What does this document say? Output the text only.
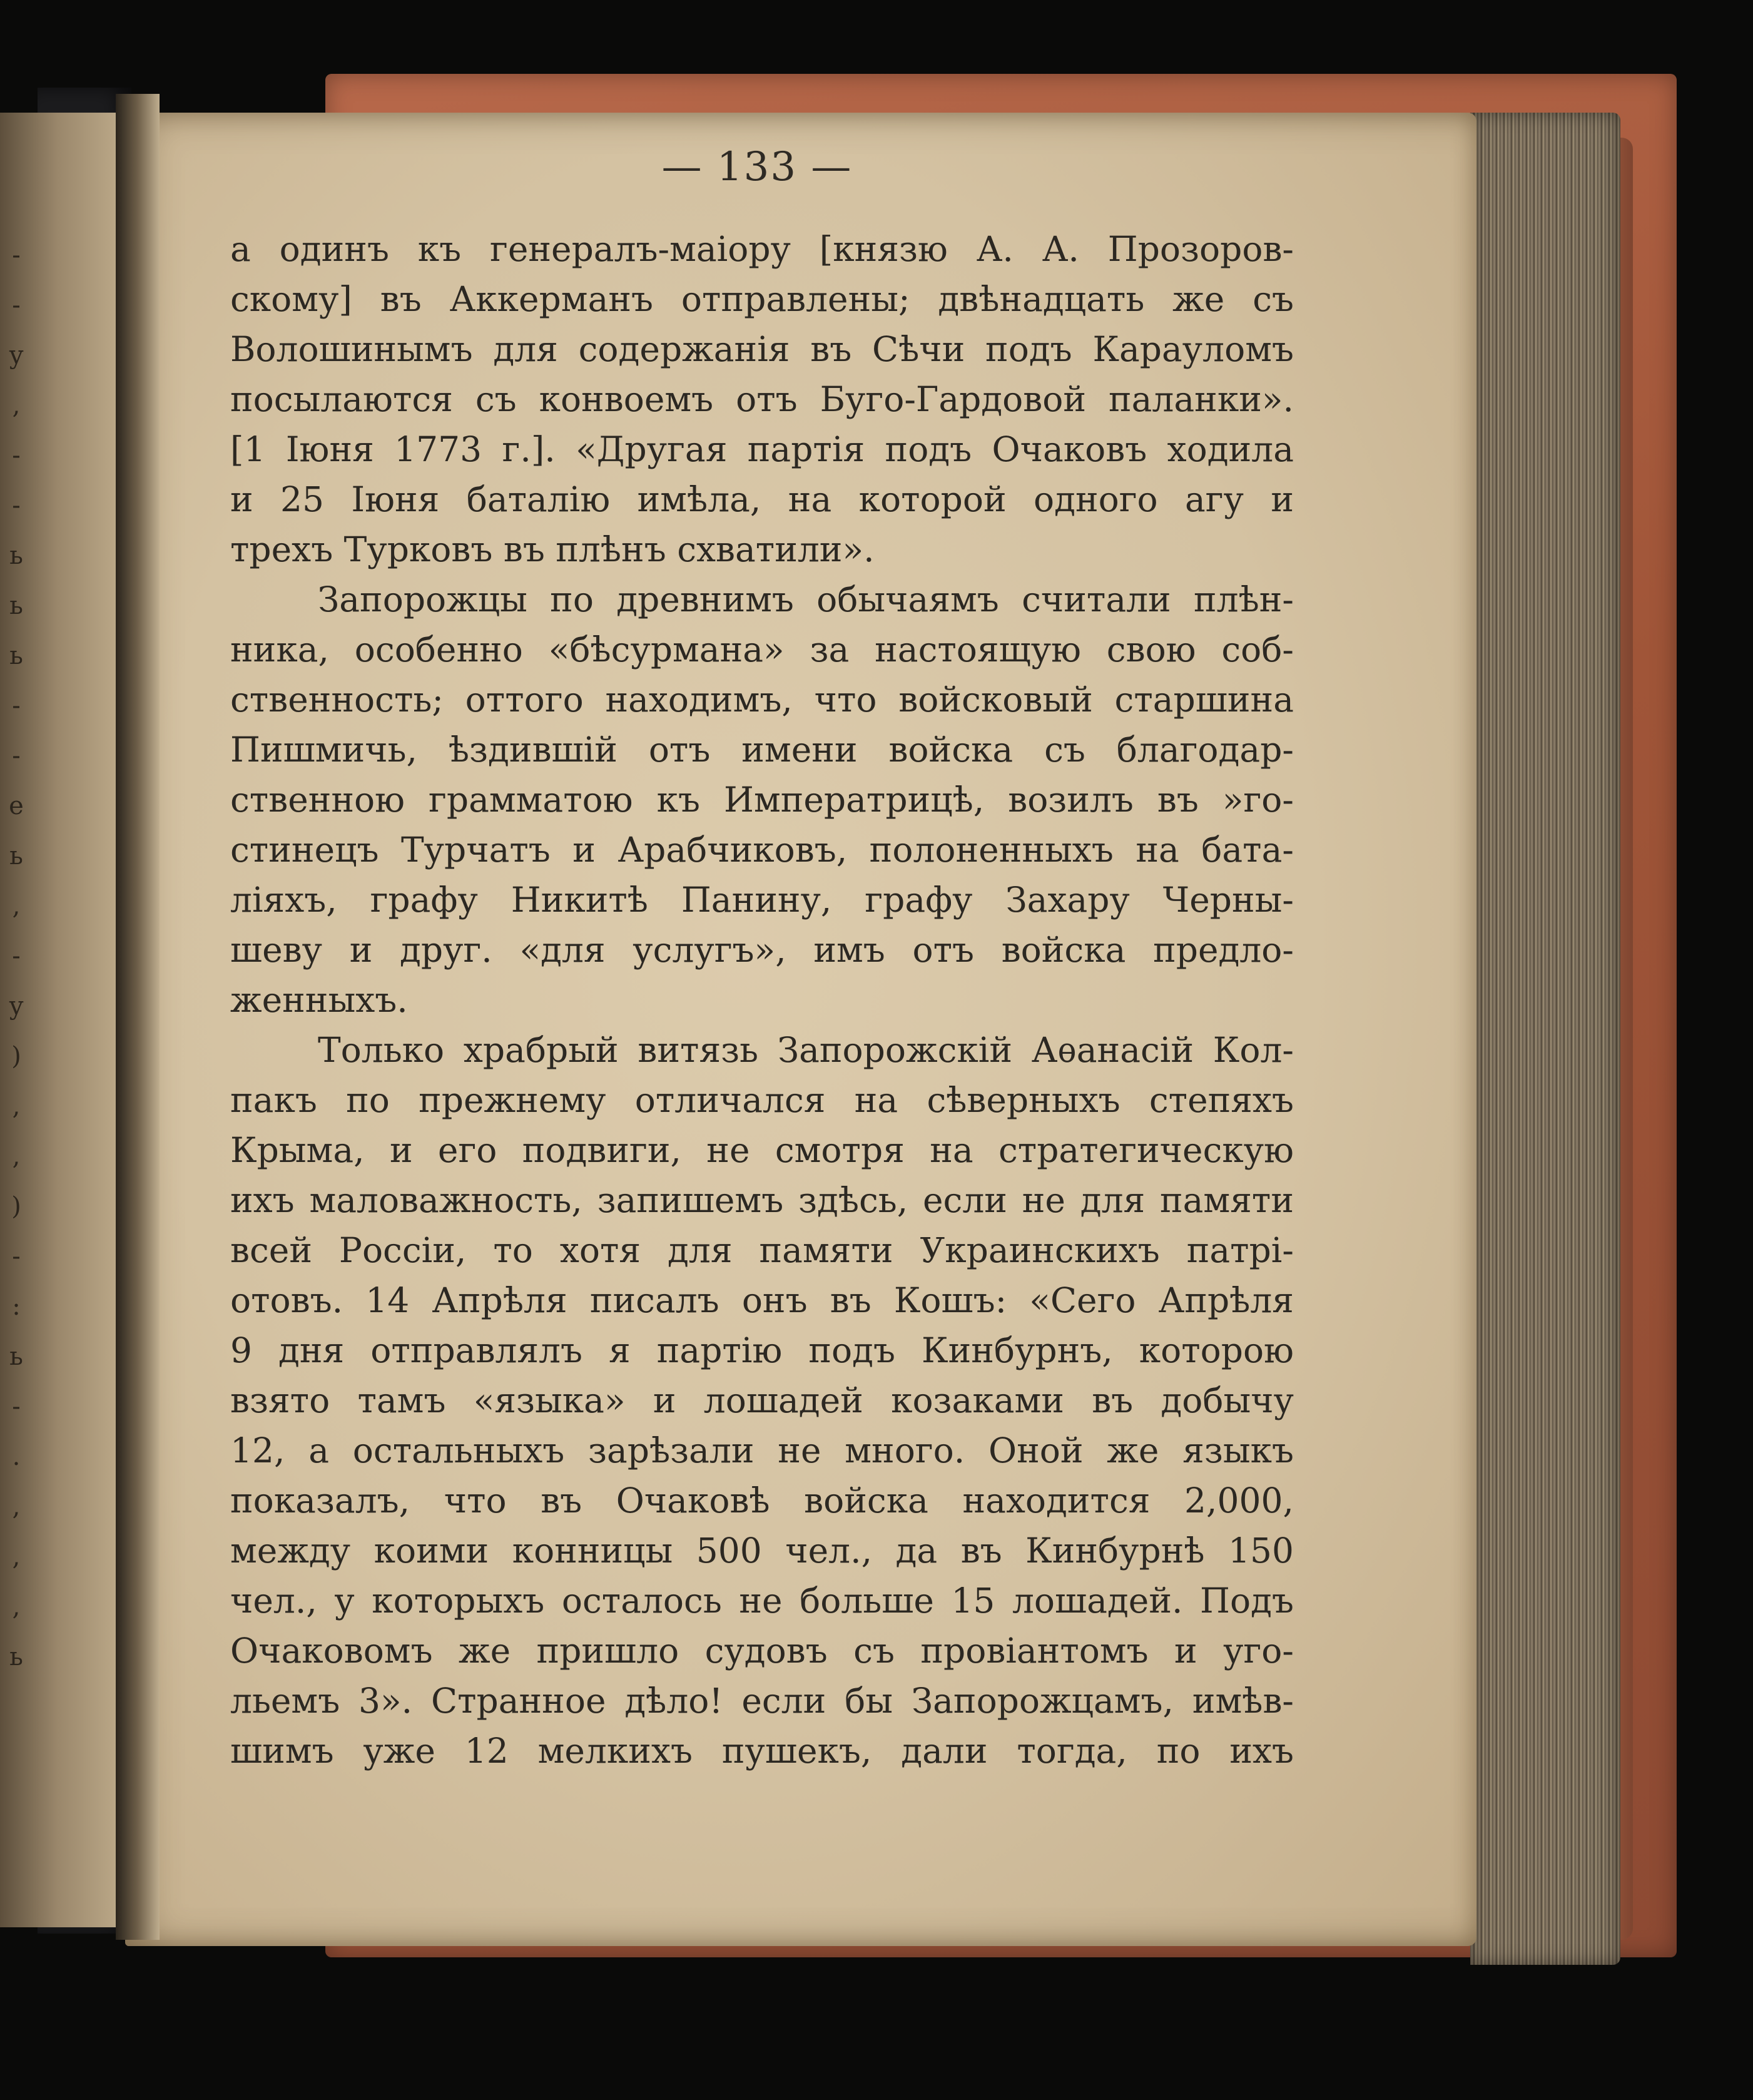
-
-
у
,
-
-
ь
ь
ь
-
-
е
ь
,
-
у
)
,
,
)
-
:
ь
-
.
,
,
,
ь
— 133 —
а одинъ къ генералъ-маіору [князю А. А. Прозоров-
скому] въ Аккерманъ отправлены; двѣнадцать же съ
Волошинымъ для содержанія въ Сѣчи подъ Карауломъ
посылаются съ конвоемъ отъ Буго-Гардовой паланки».
[1 Іюня 1773 г.]. «Другая партія подъ Очаковъ ходила
и 25 Іюня баталію имѣла, на которой одного агу и
трехъ Турковъ въ плѣнъ схватили».
Запорожцы по древнимъ обычаямъ считали плѣн-
ника, особенно «бѣсурмана» за настоящую свою соб-
ственность; оттого находимъ, что войсковый старшина
Пишмичь, ѣздившій отъ имени войска съ благодар-
ственною грамматою къ Императрицѣ, возилъ въ »го-
стинецъ Турчатъ и Арабчиковъ, полоненныхъ на бата-
ліяхъ, графу Никитѣ Панину, графу Захару Черны-
шеву и друг. «для услугъ», имъ отъ войска предло-
женныхъ.
Только храбрый витязь Запорожскій Аѳанасій Кол-
пакъ по прежнему отличался на сѣверныхъ степяхъ
Крыма, и его подвиги, не смотря на стратегическую
ихъ маловажность, запишемъ здѣсь, если не для памяти
всей Россіи, то хотя для памяти Украинскихъ патрі-
отовъ. 14 Апрѣля писалъ онъ въ Кошъ: «Сего Апрѣля
9 дня отправлялъ я партію подъ Кинбурнъ, которою
взято тамъ «языка» и лошадей козаками въ добычу
12, а остальныхъ зарѣзали не много. Оной же языкъ
показалъ, что въ Очаковѣ войска находится 2,000,
между коими конницы 500 чел., да въ Кинбурнѣ 150
чел., у которыхъ осталось не больше 15 лошадей. Подъ
Очаковомъ же пришло судовъ съ провіантомъ и уго-
льемъ 3». Странное дѣло! если бы Запорожцамъ, имѣв-
шимъ уже 12 мелкихъ пушекъ, дали тогда, по ихъ
